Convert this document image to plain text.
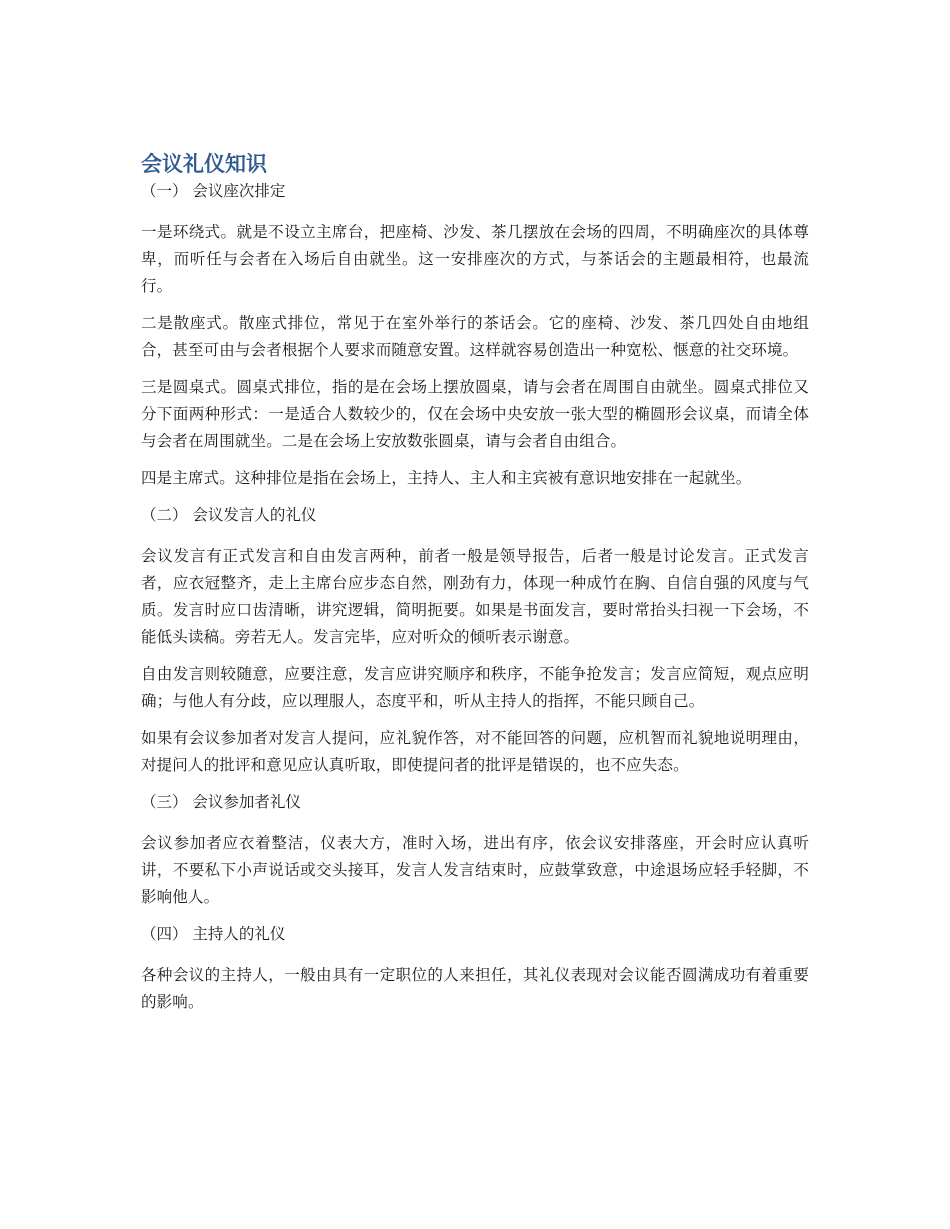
会议礼仪知识

（一） 会议座次排定

一是环绕式。就是不设立主席台，把座椅、沙发、茶几摆放在会场的四周，不明确座次的具体尊卑，而听任与会者在入场后自由就坐。这一安排座次的方式，与茶话会的主题最相符，也最流行。

二是散座式。散座式排位，常见于在室外举行的茶话会。它的座椅、沙发、茶几四处自由地组合，甚至可由与会者根据个人要求而随意安置。这样就容易创造出一种宽松、惬意的社交环境。

三是圆桌式。圆桌式排位，指的是在会场上摆放圆桌，请与会者在周围自由就坐。圆桌式排位又分下面两种形式：一是适合人数较少的，仅在会场中央安放一张大型的椭圆形会议桌，而请全体与会者在周围就坐。二是在会场上安放数张圆桌，请与会者自由组合。

四是主席式。这种排位是指在会场上，主持人、主人和主宾被有意识地安排在一起就坐。

（二） 会议发言人的礼仪

会议发言有正式发言和自由发言两种，前者一般是领导报告，后者一般是讨论发言。正式发言者，应衣冠整齐，走上主席台应步态自然，刚劲有力，体现一种成竹在胸、自信自强的风度与气质。发言时应口齿清晰，讲究逻辑，简明扼要。如果是书面发言，要时常抬头扫视一下会场，不能低头读稿。旁若无人。发言完毕，应对听众的倾听表示谢意。

自由发言则较随意，应要注意，发言应讲究顺序和秩序，不能争抢发言；发言应简短，观点应明确；与他人有分歧，应以理服人，态度平和，听从主持人的指挥，不能只顾自己。

如果有会议参加者对发言人提问，应礼貌作答，对不能回答的问题，应机智而礼貌地说明理由，对提问人的批评和意见应认真听取，即使提问者的批评是错误的，也不应失态。

（三） 会议参加者礼仪

会议参加者应衣着整洁，仪表大方，准时入场，进出有序，依会议安排落座，开会时应认真听讲，不要私下小声说话或交头接耳，发言人发言结束时，应鼓掌致意，中途退场应轻手轻脚，不影响他人。

（四） 主持人的礼仪

各种会议的主持人，一般由具有一定职位的人来担任，其礼仪表现对会议能否圆满成功有着重要的影响。
